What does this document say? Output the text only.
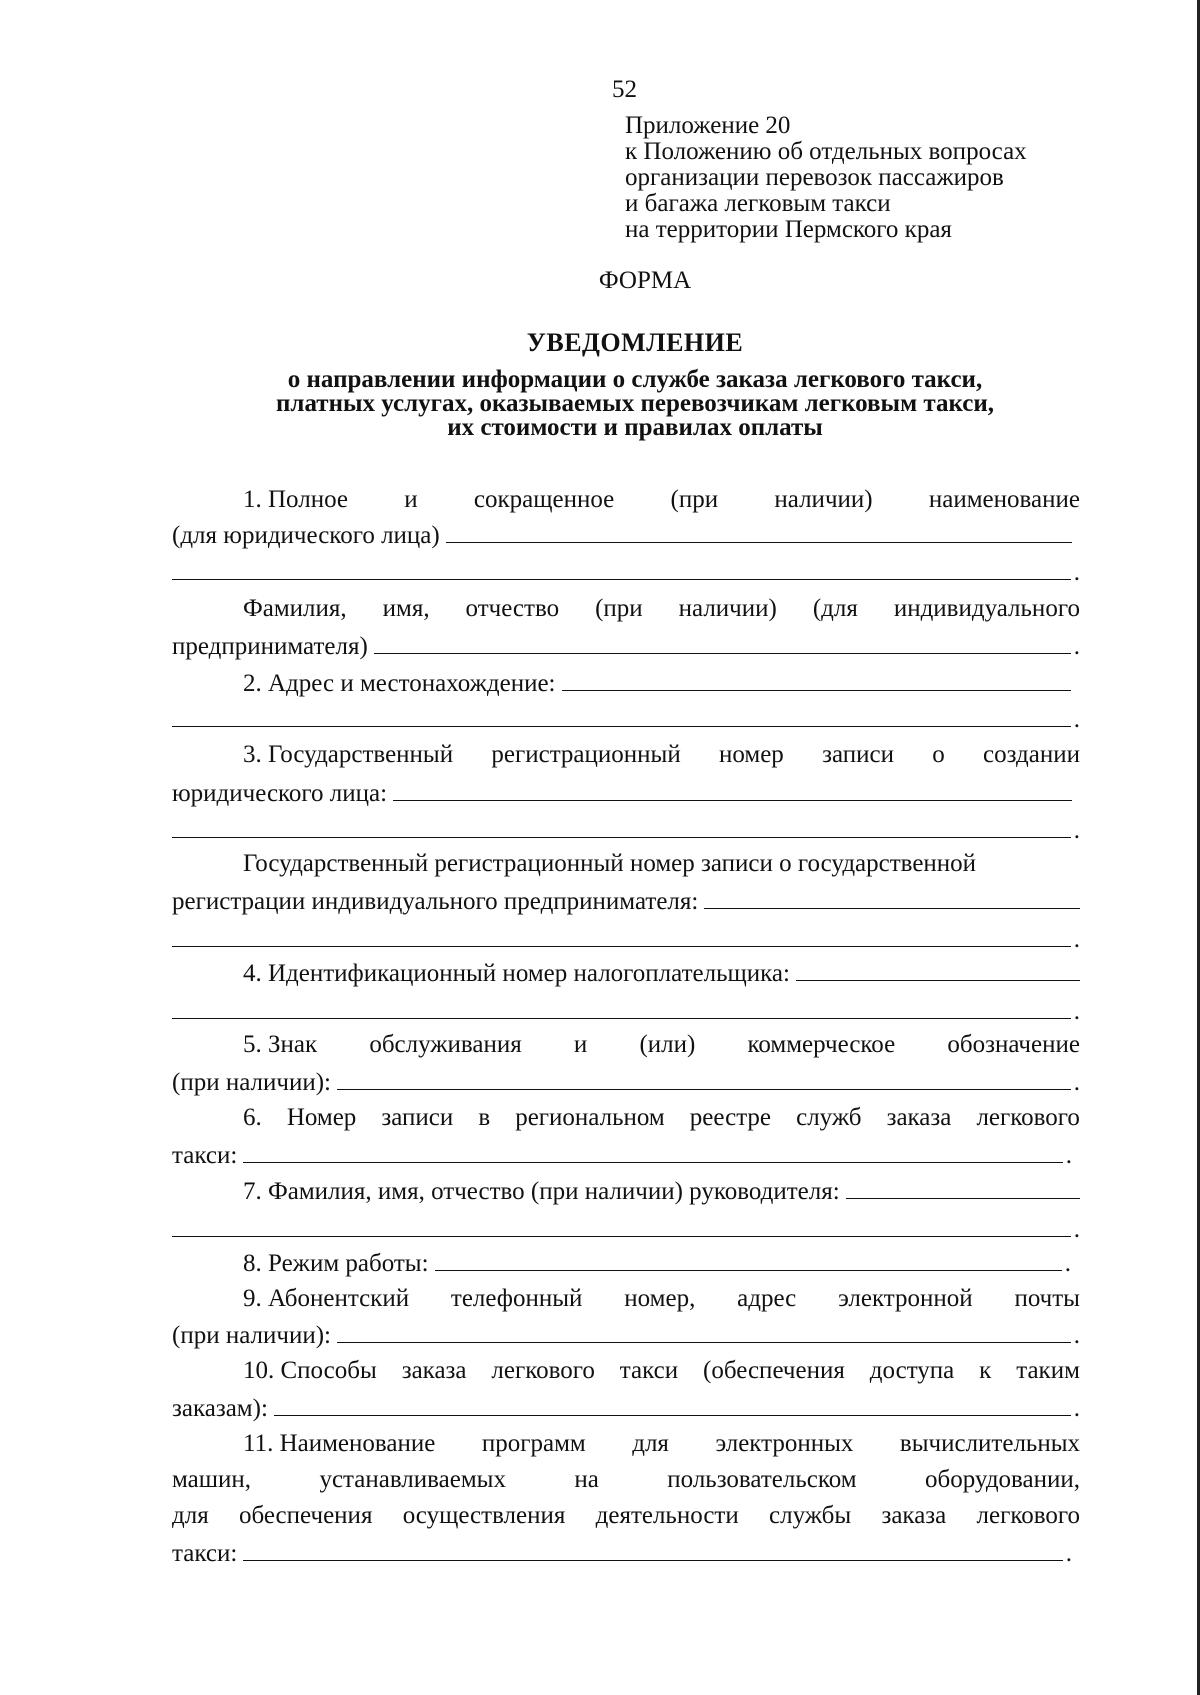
52
Приложение 20
к Положению об отдельных вопросах
организации перевозок пассажиров
и багажа легковым такси
на территории Пермского края
ФОРМА
УВЕДОМЛЕНИЕ
о направлении информации о службе заказа легкового такси,
платных услугах, оказываемых перевозчикам легковым такси,
их стоимости и правилах оплаты
1. Полное и сокращенное (при наличии) наименование
(для юридического лица)
.
Фамилия, имя, отчество (при наличии) (для индивидуального
предпринимателя)	.
2. Адрес и местонахождение:
.
3. Государственный регистрационный номер записи о создании
юридического лица:
.
Государственный регистрационный номер записи о государственной
регистрации индивидуального предпринимателя:
.
4. Идентификационный номер налогоплательщика:
.
5. Знак обслуживания и (или) коммерческое обозначение
(при наличии):	.
6. Номер записи в региональном реестре служб заказа легкового
такси:	.
7. Фамилия, имя, отчество (при наличии) руководителя:
.
8. Режим работы:	.
9. Абонентский телефонный номер, адрес электронной почты
(при наличии):	.
10. Способы заказа легкового такси (обеспечения доступа к таким
заказам):	.
11. Наименование программ для электронных вычислительных
машин,	устанавливаемых	на	пользовательском	оборудовании,
для обеспечения осуществления деятельности службы заказа легкового
такси:	.
